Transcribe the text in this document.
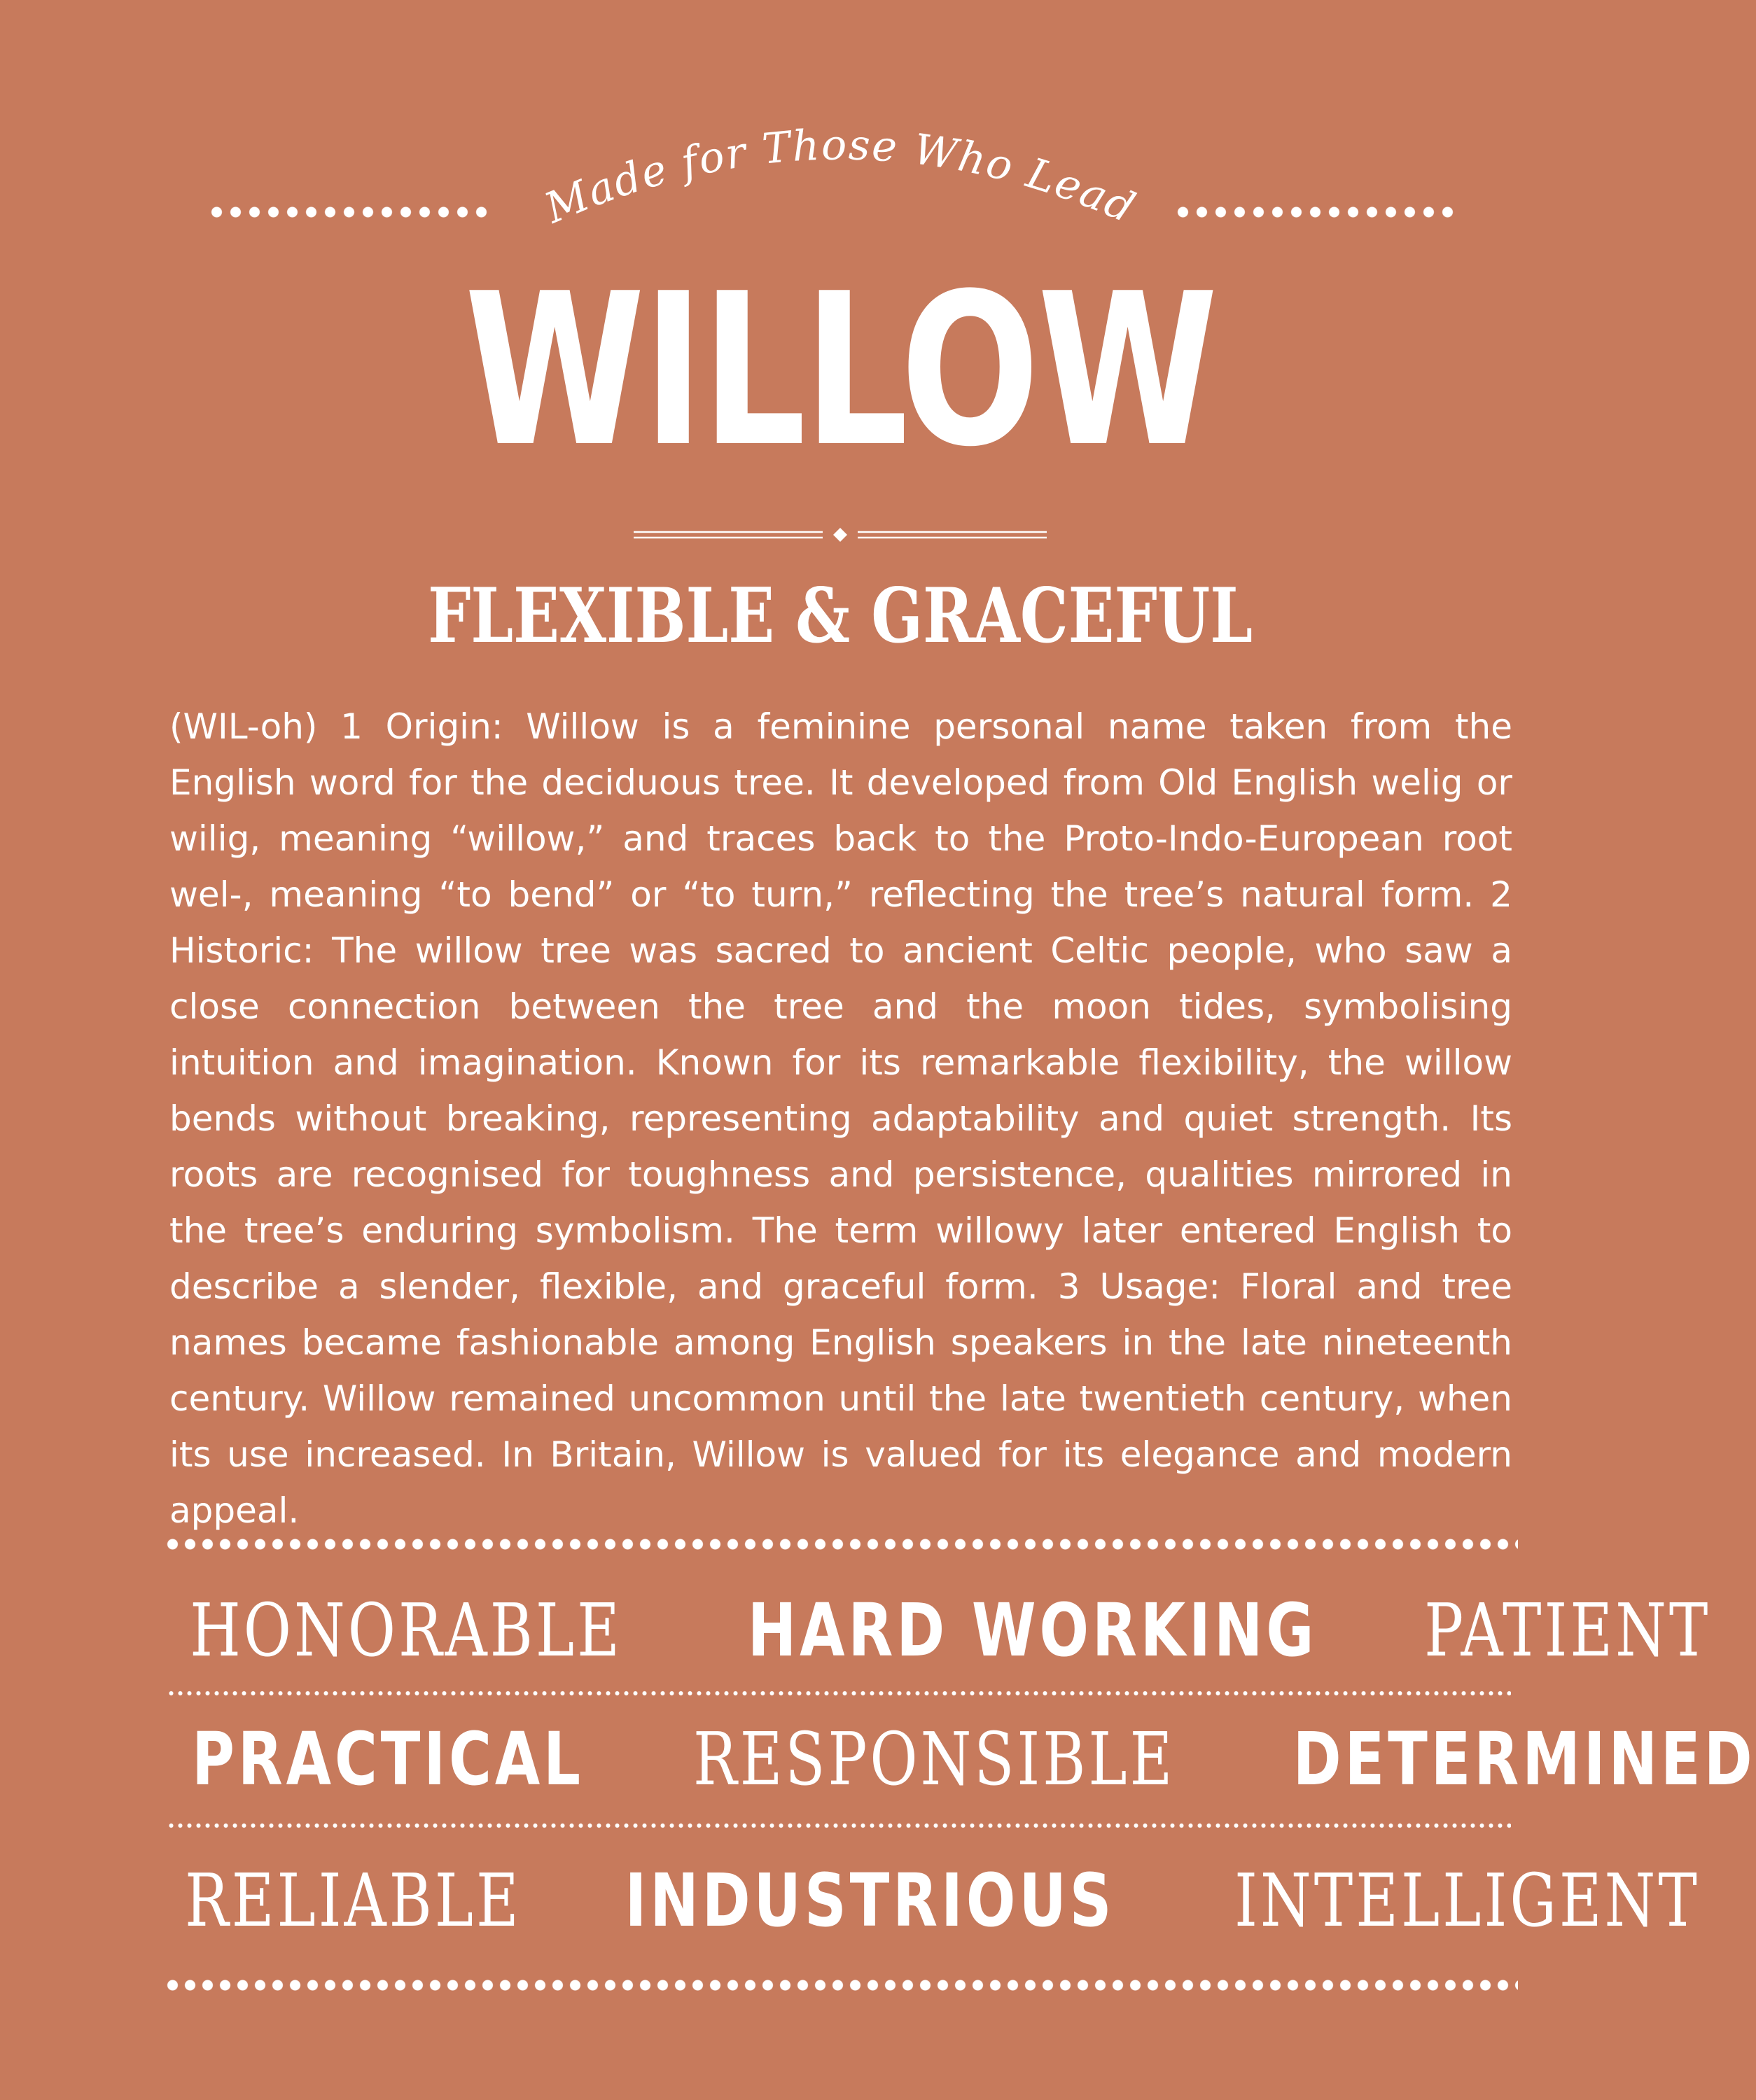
Made for Those Who Lead
WILLOW
FLEXIBLE & GRACEFUL
(WIL-oh) 1 Origin: Willow is a feminine personal name taken from the English word for the deciduous tree. It developed from Old English welig or wilig, meaning “willow,” and traces back to the Proto-Indo-European root wel-, meaning “to bend” or “to turn,” reflecting the tree’s natural form. 2 Historic: The willow tree was sacred to ancient Celtic people, who saw a close connection between the tree and the moon tides, symbolising intuition and imagination. Known for its remarkable flexibility, the willow bends without breaking, representing adaptability and quiet strength. Its roots are recognised for toughness and persistence, qualities mirrored in the tree’s enduring symbolism. The term willowy later entered English to describe a slender, flexible, and graceful form. 3 Usage: Floral and tree names became fashionable among English speakers in the late nineteenth century. Willow remained uncommon until the late twentieth century, when its use increased. In Britain, Willow is valued for its elegance and modern appeal.
HONORABLE HARD WORKING PATIENT
PRACTICAL RESPONSIBLE DETERMINED
RELIABLE INDUSTRIOUS INTELLIGENT
